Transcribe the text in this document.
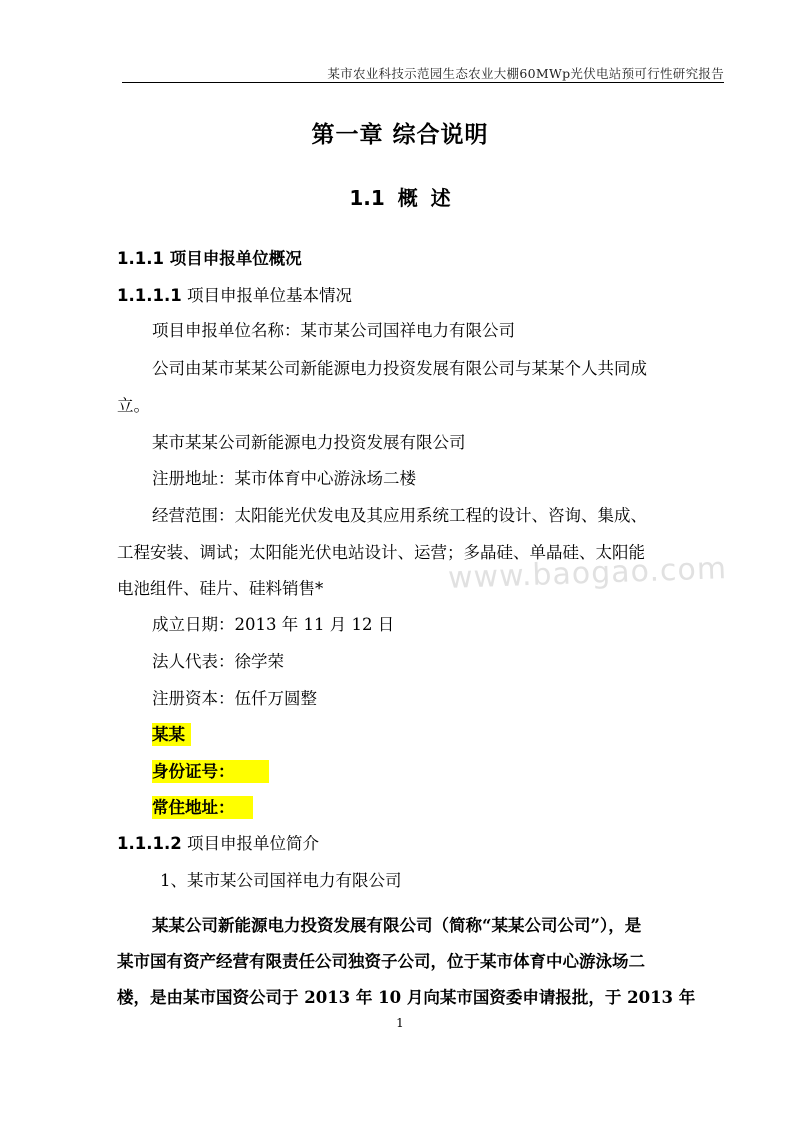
某市农业科技示范园生态农业大棚60MWp光伏电站预可行性研究报告
第一章 综合说明
1.1 概 述
1.1.1 项目申报单位概况
1.1.1.1 项目申报单位基本情况
项目申报单位名称：某市某公司国祥电力有限公司
公司由某市某某公司新能源电力投资发展有限公司与某某个人共同成
立。
某市某某公司新能源电力投资发展有限公司
注册地址：某市体育中心游泳场二楼
经营范围：太阳能光伏发电及其应用系统工程的设计、咨询、集成、
工程安装、调试；太阳能光伏电站设计、运营；多晶硅、单晶硅、太阳能
电池组件、硅片、硅料销售*	www.baogao.com
成立日期：2013 年 11 月 12 日
法人代表：徐学荣
注册资本：伍仟万圆整
某某
身份证号：
常住地址：
1.1.1.2 项目申报单位简介
1、某市某公司国祥电力有限公司
某某公司新能源电力投资发展有限公司（简称“某某公司公司”），是
某市国有资产经营有限责任公司独资子公司，位于某市体育中心游泳场二
楼，是由某市国资公司于 2013 年 10 月向某市国资委申请报批，于 2013 年
1
